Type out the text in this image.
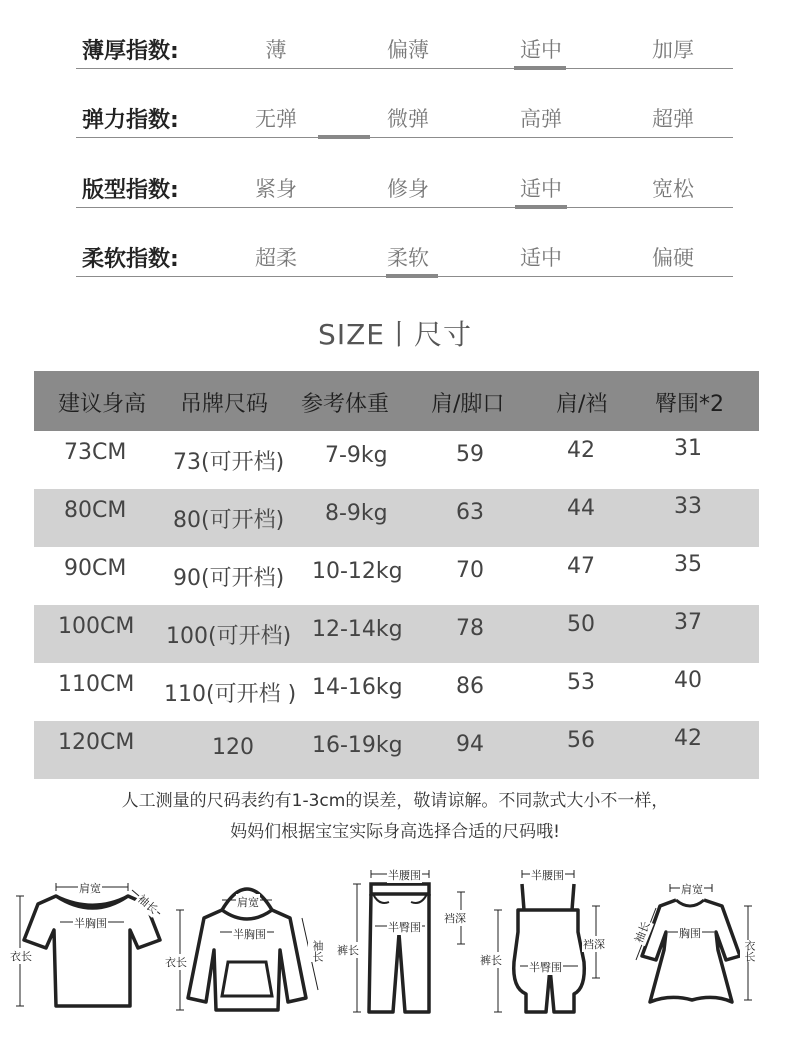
薄厚指数:	薄	偏薄	适中	加厚
弹力指数:	无弹	微弹	高弹	超弹
版型指数:	紧身	修身	适中	宽松
柔软指数:	超柔	柔软	适中	偏硬
SIZE丨尺寸
建议身高 吊牌尺码 参考体重 肩/脚口 肩/裆 臀围*2
73CM 73(可开档) 7-9kg	59	42	31
80CM 80(可开档) 8-9kg	63	44	33
90CM 90(可开档) 10-12kg 70	47	35
100CM 100(可开档) 12-14kg 78	50	37
110CM 110(可开档 ) 14-16kg 86	53	40
120CM	120	16-19kg 94	56	42
人工测量的尺码表约有1-3cm的误差，敬请谅解。不同款式大小不一样，
妈妈们根据宝宝实际身高选择合适的尺码哦!
肩宽
袖长
半胸围
衣长
肩宽
半胸围
袖长
衣长
半腰围
半臀围
裆深
裤长
半腰围
半臀围
裆深
裤长
肩宽
袖长 胸围
衣长
